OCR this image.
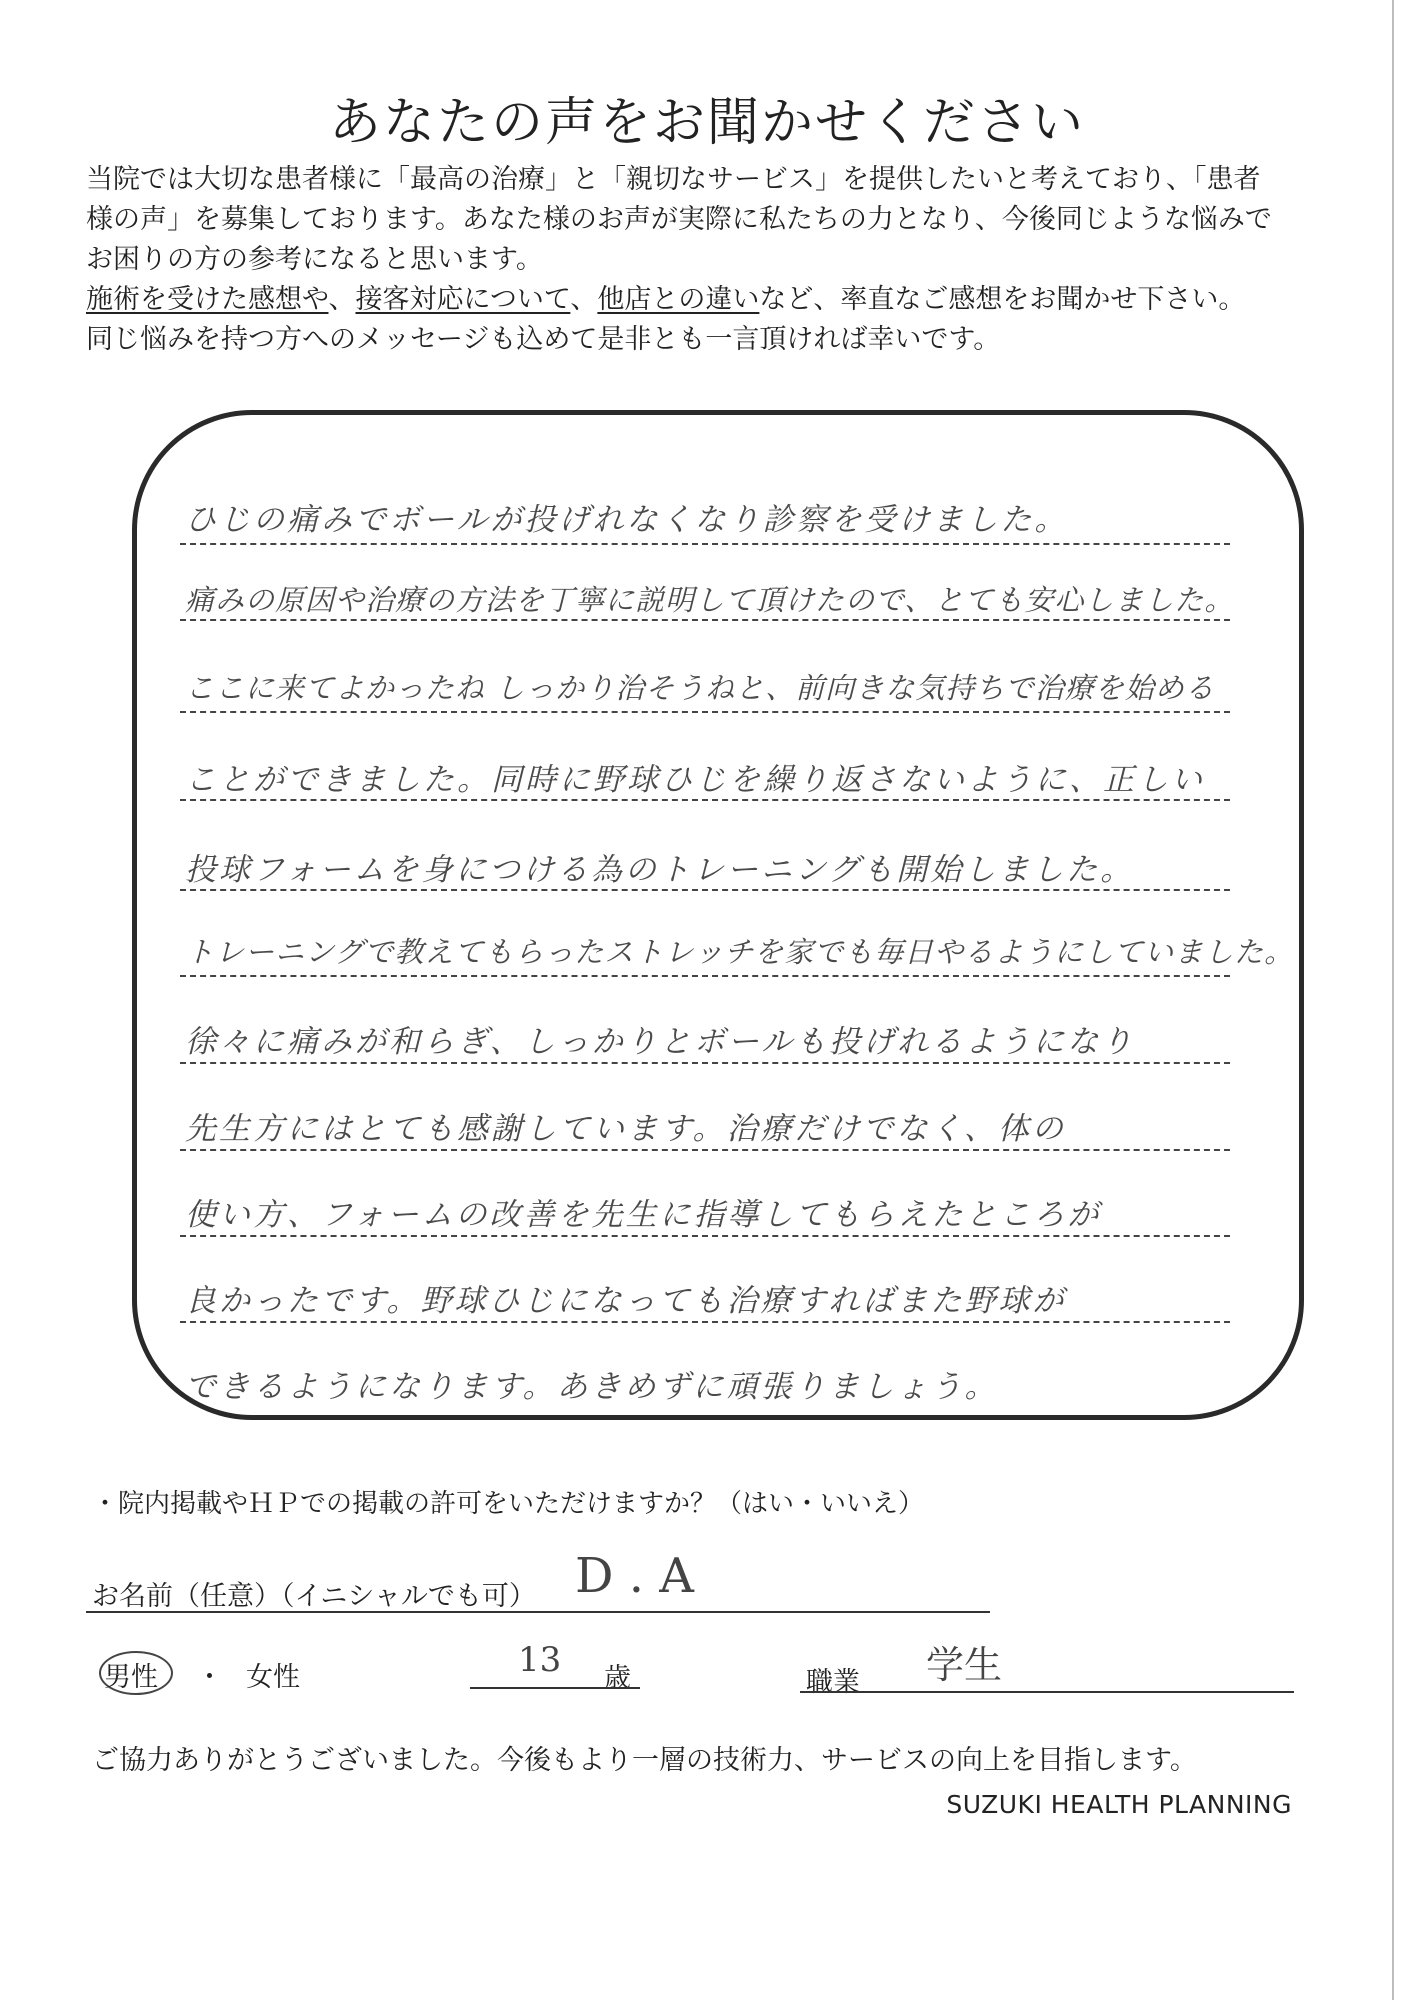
あなたの声をお聞かせください

当院では大切な患者様に「最高の治療」と「親切なサービス」を提供したいと考えており、「患者

様の声」を募集しております。あなた様のお声が実際に私たちの力となり、今後同じような悩みで

お困りの方の参考になると思います。

施術を受けた感想や、接客対応について、他店との違いなど、率直なご感想をお聞かせ下さい。

同じ悩みを持つ方へのメッセージも込めて是非とも一言頂ければ幸いです。

ひじの痛みでボールが投げれなくなり診察を受けました。
痛みの原因や治療の方法を丁寧に説明して頂けたので、とても安心しました。
ここに来てよかったね しっかり治そうねと、前向きな気持ちで治療を始める
ことができました。同時に野球ひじを繰り返さないように、正しい
投球フォームを身につける為のトレーニングも開始しました。
トレーニングで教えてもらったストレッチを家でも毎日やるようにしていました。
徐々に痛みが和らぎ、しっかりとボールも投げれるようになり
先生方にはとても感謝しています。治療だけでなく、体の
使い方、フォームの改善を先生に指導してもらえたところが
良かったです。野球ひじになっても治療すればまた野球が
できるようになります。あきめずに頑張りましょう。
・院内掲載やＨＰでの掲載の許可をいただけますか？（はい・いいえ）
お名前（任意）（イニシャルでも可） D . A
男性 ・ 女性	13 歳	職業 学生
ご協力ありがとうございました。今後もより一層の技術力、サービスの向上を目指します。
SUZUKI HEALTH PLANNING
